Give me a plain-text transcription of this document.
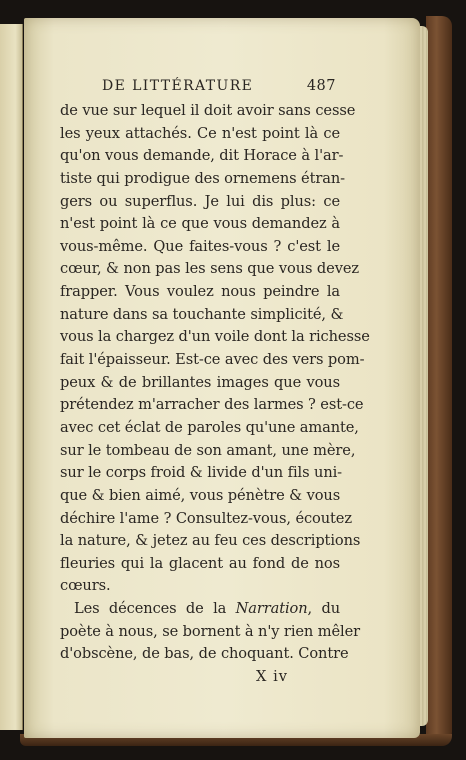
DE LITTÉRATURE	487
de vue sur lequel il doit avoir sans cesse
les yeux attachés. Ce n'est point là ce
qu'on vous demande, dit Horace à l'ar-
tiste qui prodigue des ornemens étran-
gers ou superflus. Je lui dis plus: ce
n'est point là ce que vous demandez à
vous-même. Que faites-vous ? c'est le
cœur, & non pas les sens que vous devez
frapper. Vous voulez nous peindre la
nature dans sa touchante simplicité, &
vous la chargez d'un voile dont la richesse
fait l'épaisseur. Est-ce avec des vers pom-
peux & de brillantes images que vous
prétendez m'arracher des larmes ? est-ce
avec cet éclat de paroles qu'une amante,
sur le tombeau de son amant, une mère,
sur le corps froid & livide d'un fils uni-
que & bien aimé, vous pénètre & vous
déchire l'ame ? Consultez-vous, écoutez
la nature, & jetez au feu ces descriptions
fleuries qui la glacent au fond de nos
cœurs.
Les décences de la Narration, du
poète à nous, se bornent à n'y rien mêler
d'obscène, de bas, de choquant. Contre
X iv
